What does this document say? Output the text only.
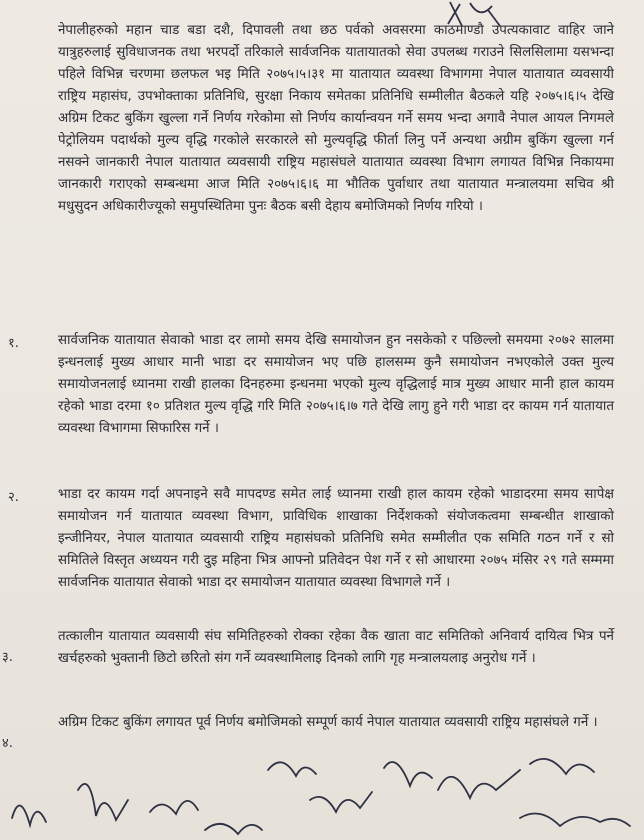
नेपालीहरुको महान चाड बडा दशै, दिपावली तथा छठ पर्वको अवसरमा काठमाण्डौ उपत्यकावाट वाहिर जाने यात्रुहरुलाई सुविधाजनक तथा भरपर्दो तरिकाले सार्वजनिक यातायातको सेवा उपलब्ध गराउने सिलसिलामा यसभन्दा पहिले विभिन्न चरणमा छलफल भइ मिति २०७५।५।३१ मा यातायात व्यवस्था विभागमा नेपाल यातायात व्यवसायी राष्ट्रिय महासंघ, उपभोक्ताका प्रतिनिधि, सुरक्षा निकाय समेतका प्रतिनिधि सम्मीलीत बैठकले यहि २०७५।६।५ देखि अग्रिम टिकट बुकिंग खुल्ला गर्ने निर्णय गरेकोमा सो निर्णय कार्यान्वयन गर्ने समय भन्दा अगावै नेपाल आयल निगमले पेट्रोलियम पदार्थको मुल्य वृद्धि गरकोले सरकारले सो मुल्यवृद्धि फीर्ता लिनु पर्ने अन्यथा अग्रीम बुकिंग खुल्ला गर्न नसक्ने जानकारी नेपाल यातायात व्यवसायी राष्ट्रिय महासंघले यातायात व्यवस्था विभाग लगायत विभिन्न निकायमा जानकारी गराएको सम्बन्धमा आज मिति २०७५।६।६ मा भौतिक पुर्वाधार तथा यातायात मन्त्रालयमा सचिव श्री मधुसुदन अधिकारीज्यूको समुपस्थितिमा पुनः बैठक बसी देहाय बमोजिमको निर्णय गरियो ।

१.	सार्वजनिक यातायात सेवाको भाडा दर लामो समय देखि समायोजन हुन नसकेको र पछिल्लो समयमा २०७२ सालमा इन्धनलाई मुख्य आधार मानी भाडा दर समायोजन भए पछि हालसम्म कुनै समायोजन नभएकोले उक्त मुल्य समायोजनलाई ध्यानमा राखी हालका दिनहरुमा इन्धनमा भएको मुल्य वृद्धिलाई मात्र मुख्य आधार मानी हाल कायम रहेको भाडा दरमा १० प्रतिशत मुल्य वृद्धि गरि मिति २०७५।६।७ गते देखि लागु हुने गरी भाडा दर कायम गर्न यातायात व्यवस्था विभागमा सिफारिस गर्ने ।

२.	भाडा दर कायम गर्दा अपनाइने सवै मापदण्ड समेत लाई ध्यानमा राखी हाल कायम रहेको भाडादरमा समय सापेक्ष समायोजन गर्न यातायात व्यवस्था विभाग, प्राविधिक शाखाका निर्देशकको संयोजकत्वमा सम्बन्धीत शाखाको इन्जीनियर, नेपाल यातायात व्यवसायी राष्ट्रिय महासंघको प्रतिनिधि समेत सम्मीलीत एक समिति गठन गर्ने र सो समितिले विस्तृत अध्ययन गरी दुइ महिना भित्र आफ्नो प्रतिवेदन पेश गर्ने र सो आधारमा २०७५ मंसिर २९ गते सम्ममा सार्वजनिक यातायात सेवाको भाडा दर समायोजन यातायात व्यवस्था विभागले गर्ने ।

३.

तत्कालीन यातायात व्यवसायी संघ समितिहरुको रोक्का रहेका वैक खाता वाट समितिको अनिवार्य दायित्व भित्र पर्ने खर्चहरुको भुक्तानी छिटो छरितो संग गर्ने व्यवस्थामिलाइ दिनको लागि गृह मन्त्रालयलाइ अनुरोध गर्ने ।

४.

अग्रिम टिकट बुकिंग लगायत पूर्व निर्णय बमोजिमको सम्पूर्ण कार्य नेपाल यातायात व्यवसायी राष्ट्रिय महासंघले गर्ने ।
